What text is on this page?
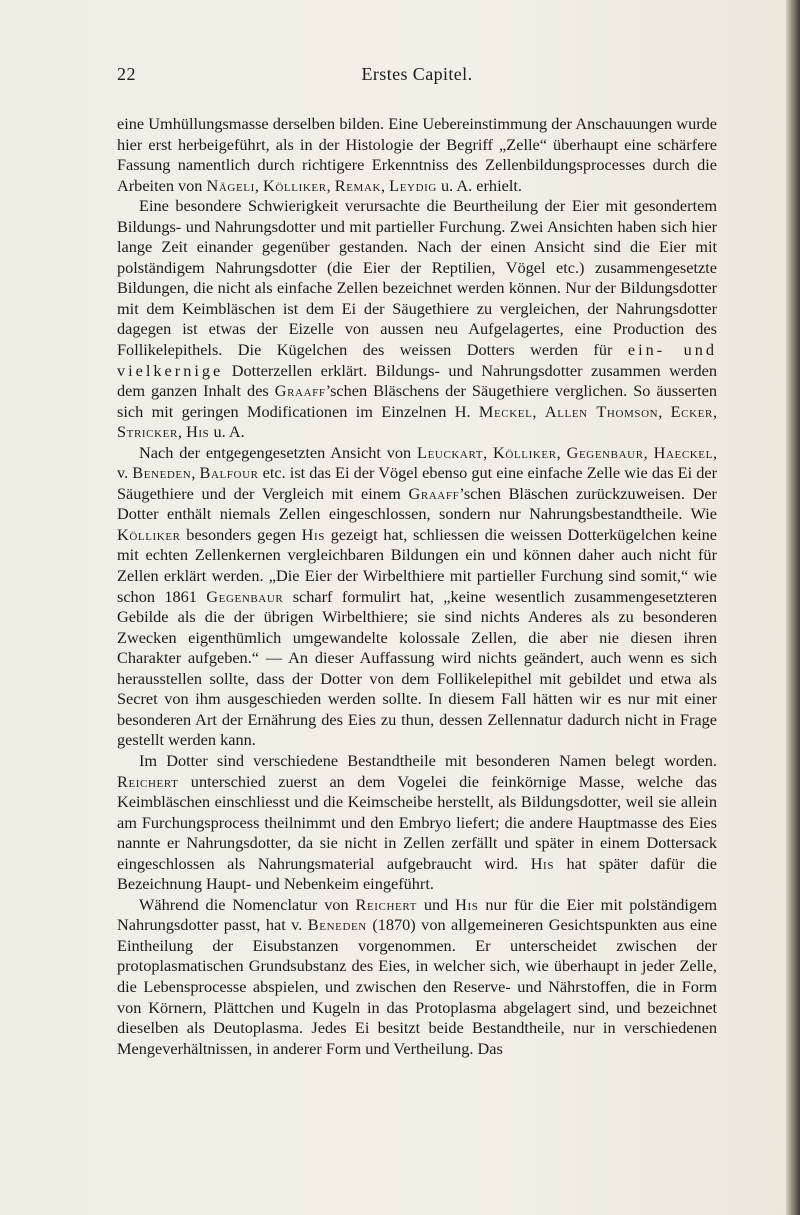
22	Erstes Capitel.

eine Umhüllungsmasse derselben bilden. Eine Uebereinstimmung der Anschauungen wurde hier erst herbeigeführt, als in der Histologie der Begriff „Zelle“ überhaupt eine schärfere Fassung namentlich durch richtigere Erkenntniss des Zellenbildungsprocesses durch die Arbeiten von Nägeli, Kölliker, Remak, Leydig u. A. erhielt.

Eine besondere Schwierigkeit verursachte die Beurtheilung der Eier mit gesondertem Bildungs- und Nahrungsdotter und mit partieller Furchung. Zwei Ansichten haben sich hier lange Zeit einander gegenüber gestanden. Nach der einen Ansicht sind die Eier mit polständigem Nahrungsdotter (die Eier der Reptilien, Vögel etc.) zusammengesetzte Bildungen, die nicht als einfache Zellen bezeichnet werden können. Nur der Bildungsdotter mit dem Keimbläschen ist dem Ei der Säugethiere zu vergleichen, der Nahrungsdotter dagegen ist etwas der Eizelle von aussen neu Aufgelagertes, eine Production des Follikelepithels. Die Kügelchen des weissen Dotters werden für ein- und vielkernige Dotterzellen erklärt. Bildungs- und Nahrungsdotter zusammen werden dem ganzen Inhalt des Graaff’schen Bläschens der Säugethiere verglichen. So äusserten sich mit geringen Modificationen im Einzelnen H. Meckel, Allen Thomson, Ecker, Stricker, His u. A.

Nach der entgegengesetzten Ansicht von Leuckart, Kölliker, Gegenbaur, Haeckel, v. Beneden, Balfour etc. ist das Ei der Vögel ebenso gut eine einfache Zelle wie das Ei der Säugethiere und der Vergleich mit einem Graaff’schen Bläschen zurückzuweisen. Der Dotter enthält niemals Zellen eingeschlossen, sondern nur Nahrungsbestandtheile. Wie Kölliker besonders gegen His gezeigt hat, schliessen die weissen Dotterkügelchen keine mit echten Zellenkernen vergleichbaren Bildungen ein und können daher auch nicht für Zellen erklärt werden. „Die Eier der Wirbelthiere mit partieller Furchung sind somit,“ wie schon 1861 Gegenbaur scharf formulirt hat, „keine wesentlich zusammengesetzteren Gebilde als die der übrigen Wirbelthiere; sie sind nichts Anderes als zu besonderen Zwecken eigenthümlich umgewandelte kolossale Zellen, die aber nie diesen ihren Charakter aufgeben.“ — An dieser Auffassung wird nichts geändert, auch wenn es sich herausstellen sollte, dass der Dotter von dem Follikelepithel mit gebildet und etwa als Secret von ihm ausgeschieden werden sollte. In diesem Fall hätten wir es nur mit einer besonderen Art der Ernährung des Eies zu thun, dessen Zellennatur dadurch nicht in Frage gestellt werden kann.

Im Dotter sind verschiedene Bestandtheile mit besonderen Namen belegt worden. Reichert unterschied zuerst an dem Vogelei die feinkörnige Masse, welche das Keimbläschen einschliesst und die Keimscheibe herstellt, als Bildungsdotter, weil sie allein am Furchungsprocess theilnimmt und den Embryo liefert; die andere Hauptmasse des Eies nannte er Nahrungsdotter, da sie nicht in Zellen zerfällt und später in einem Dottersack eingeschlossen als Nahrungsmaterial aufgebraucht wird. His hat später dafür die Bezeichnung Haupt- und Nebenkeim eingeführt.

Während die Nomenclatur von Reichert und His nur für die Eier mit polständigem Nahrungsdotter passt, hat v. Beneden (1870) von allgemeineren Gesichtspunkten aus eine Eintheilung der Eisubstanzen vorgenommen. Er unterscheidet zwischen der protoplasmatischen Grundsubstanz des Eies, in welcher sich, wie überhaupt in jeder Zelle, die Lebensprocesse abspielen, und zwischen den Reserve- und Nährstoffen, die in Form von Körnern, Plättchen und Kugeln in das Protoplasma abgelagert sind, und bezeichnet dieselben als Deutoplasma. Jedes Ei besitzt beide Bestandtheile, nur in verschiedenen Mengeverhältnissen, in anderer Form und Vertheilung. Das
